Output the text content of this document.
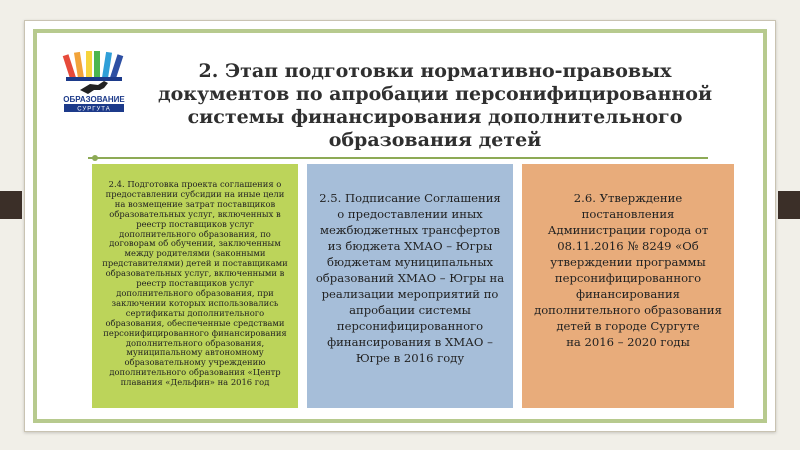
ОБРАЗОВАНИЕ
СУРГУТА
2. Этап подготовки нормативно-правовых документов по апробации персонифицированной системы финансирования дополнительного образования детей
2.4. Подготовка проекта соглашения о предоставлении субсидии на иные цели на возмещение затрат поставщиков образовательных услуг, включенных в реестр поставщиков услуг дополнительного образования, по договорам об обучении, заключенным между родителями (законными представителями) детей и поставщиками образовательных услуг, включенными в реестр поставщиков услуг дополнительного образования, при заключении которых использовались сертификаты дополнительного образования, обеспеченные средствами персонифицированного финансирования дополнительного образования, муниципальному автономному образовательному учреждению дополнительного образования «Центр плавания «Дельфин» на 2016 год
2.5. Подписание Соглашения о предоставлении иных межбюджетных трансфертов из бюджета ХМАО – Югры бюджетам муниципальных образований ХМАО – Югры на реализации мероприятий по апробации системы персонифицированного финансирования в ХМАО – Югре в 2016 году
2.6. Утверждение постановления Администрации города от 08.11.2016 № 8249 «Об утверждении программы персонифицированного финансирования
дополнительного образования детей в городе Сургуте
на 2016 – 2020 годы
